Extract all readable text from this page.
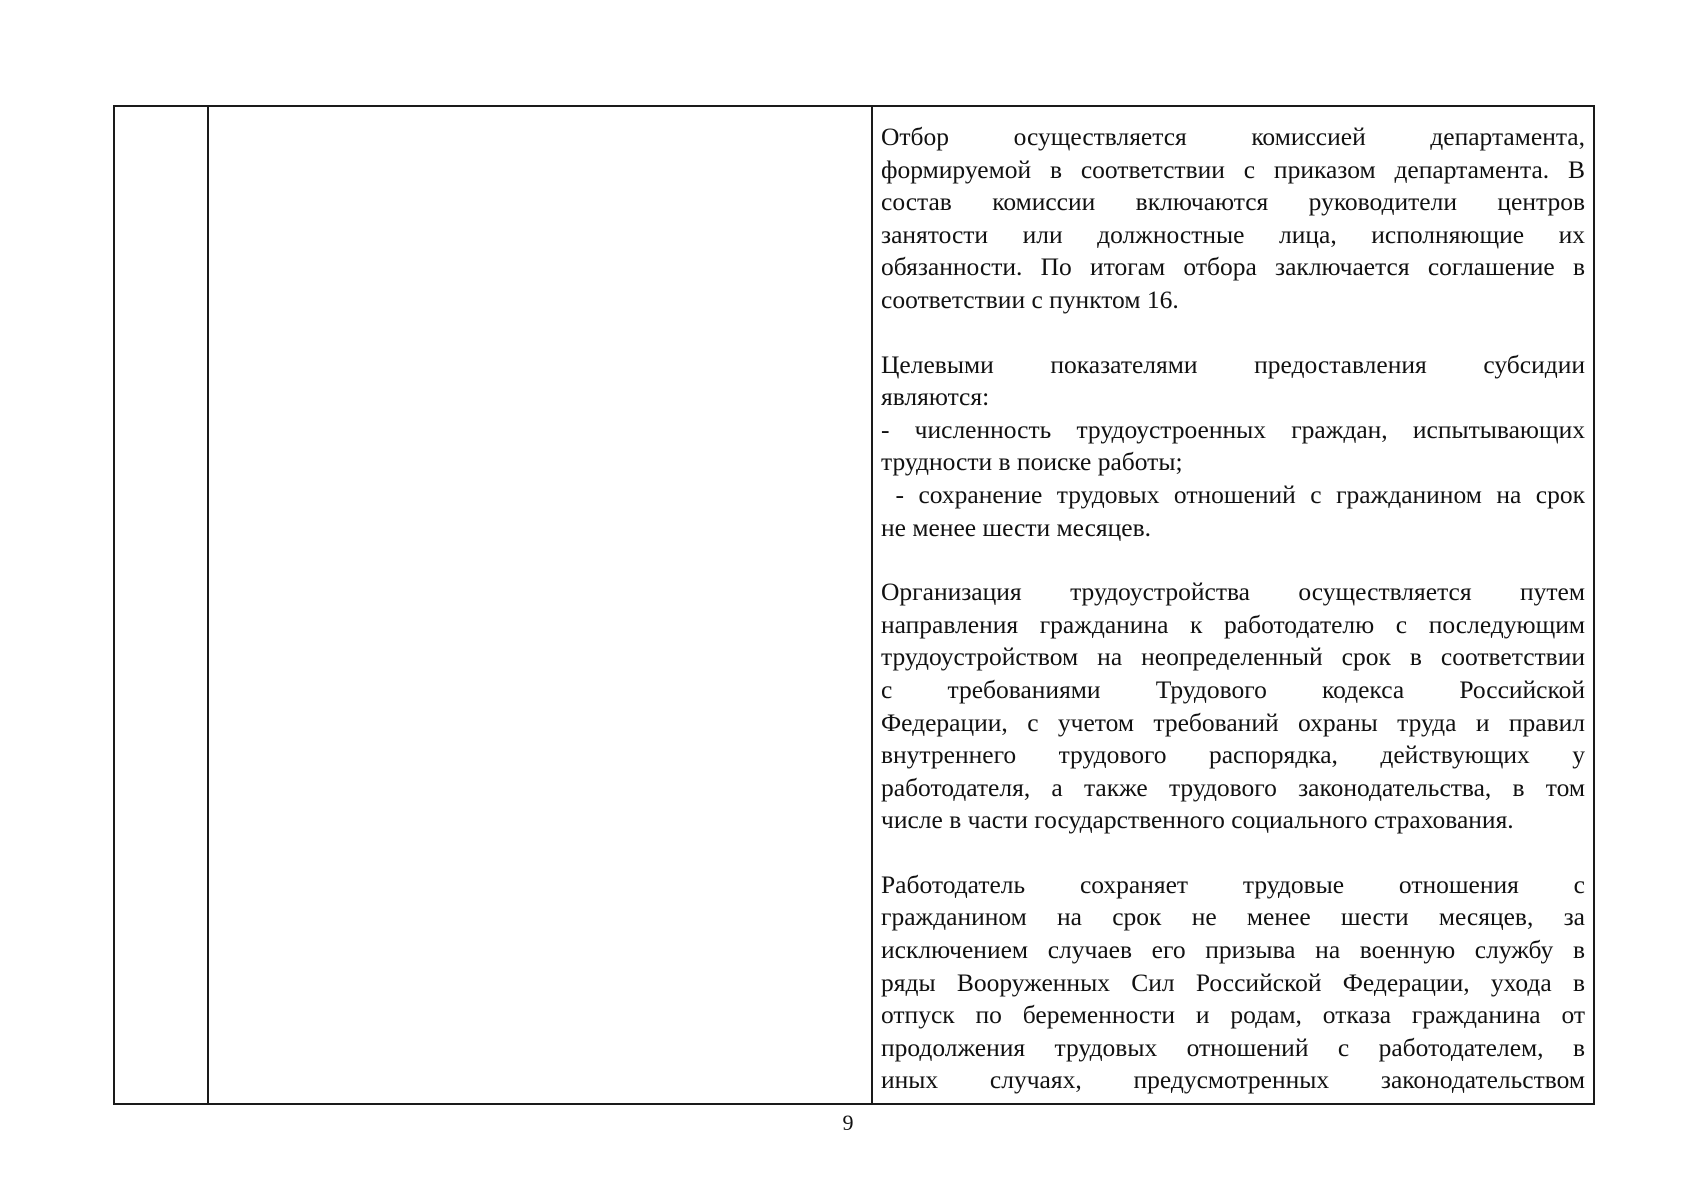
Отбор осуществляется комиссией департамента,
формируемой в соответствии с приказом департамента. В
состав комиссии включаются руководители центров
занятости или должностные лица, исполняющие их
обязанности. По итогам отбора заключается соглашение в
соответствии с пунктом 16.
Целевыми показателями предоставления субсидии
являются:
- численность трудоустроенных граждан, испытывающих
трудности в поиске работы;
- сохранение трудовых отношений с гражданином на срок
не менее шести месяцев.
Организация трудоустройства осуществляется путем
направления гражданина к работодателю с последующим
трудоустройством на неопределенный срок в соответствии
с требованиями Трудового кодекса Российской
Федерации, с учетом требований охраны труда и правил
внутреннего трудового распорядка, действующих у
работодателя, а также трудового законодательства, в том
числе в части государственного социального страхования.
Работодатель сохраняет трудовые отношения с
гражданином на срок не менее шести месяцев, за
исключением случаев его призыва на военную службу в
ряды Вооруженных Сил Российской Федерации, ухода в
отпуск по беременности и родам, отказа гражданина от
продолжения трудовых отношений с работодателем, в
иных случаях, предусмотренных законодательством
9
